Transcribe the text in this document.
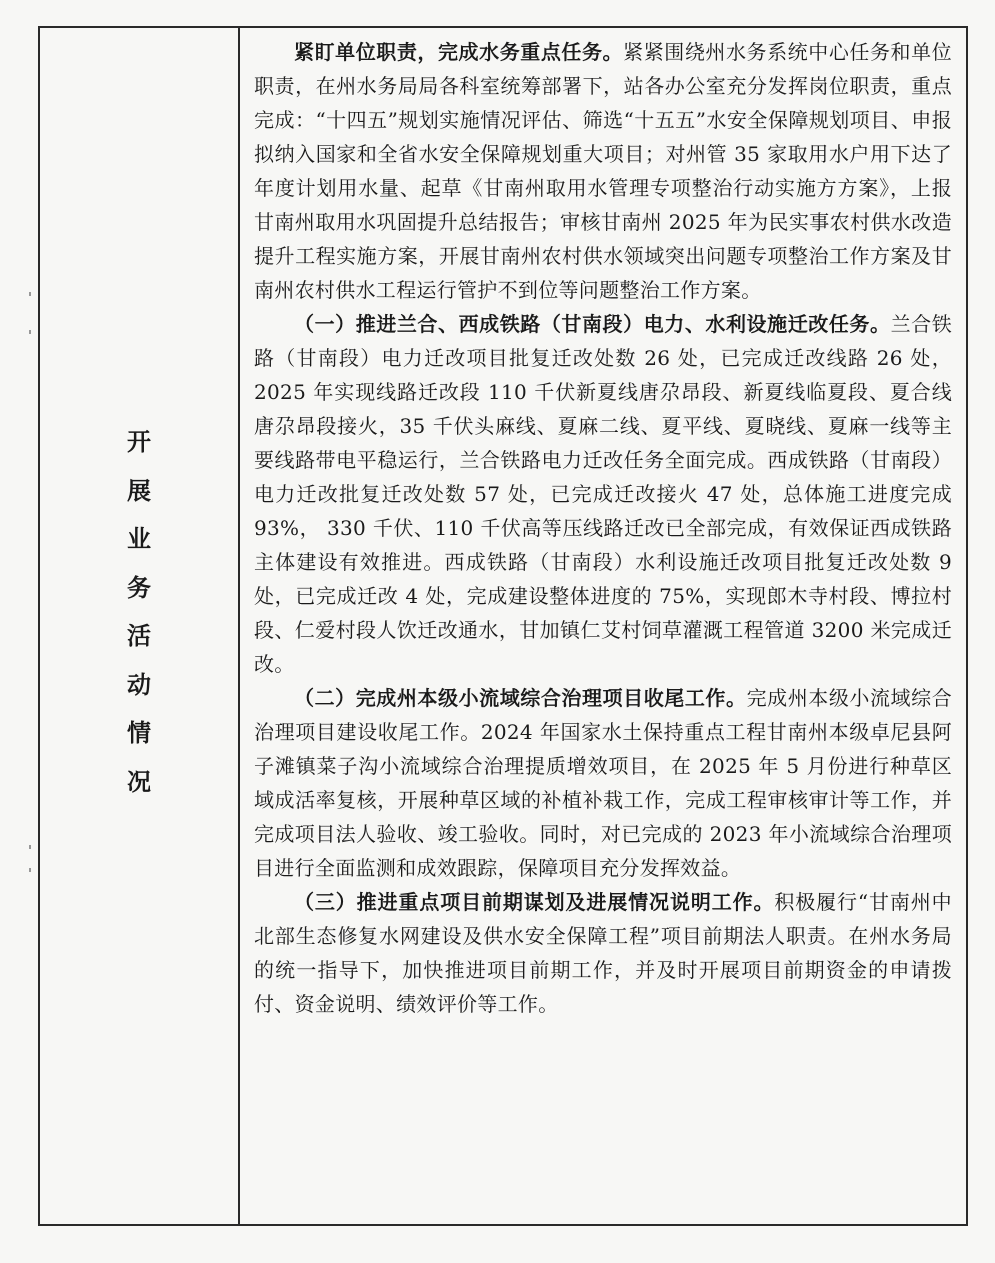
开
展
业
务
活
动
情
况

紧盯单位职责，完成水务重点任务。紧紧围绕州水务系统中心任务和单位职责，在州水务局局各科室统筹部署下，站各办公室充分发挥岗位职责，重点完成：“十四五”规划实施情况评估、筛选“十五五”水安全保障规划项目、申报拟纳入国家和全省水安全保障规划重大项目；对州管 35 家取用水户用下达了年度计划用水量、起草《甘南州取用水管理专项整治行动实施方方案》，上报甘南州取用水巩固提升总结报告；审核甘南州 2025 年为民实事农村供水改造提升工程实施方案，开展甘南州农村供水领域突出问题专项整治工作方案及甘南州农村供水工程运行管护不到位等问题整治工作方案。

（一）推进兰合、西成铁路（甘南段）电力、水利设施迁改任务。兰合铁路（甘南段）电力迁改项目批复迁改处数 26 处，已完成迁改线路 26 处，2025 年实现线路迁改段 110 千伏新夏线唐尕昂段、新夏线临夏段、夏合线唐尕昂段接火，35 千伏头麻线、夏麻二线、夏平线、夏晓线、夏麻一线等主要线路带电平稳运行，兰合铁路电力迁改任务全面完成。西成铁路（甘南段）电力迁改批复迁改处数 57 处，已完成迁改接火 47 处，总体施工进度完成 93%， 330 千伏、110 千伏高等压线路迁改已全部完成，有效保证西成铁路主体建设有效推进。西成铁路（甘南段）水利设施迁改项目批复迁改处数 9 处，已完成迁改 4 处，完成建设整体进度的 75%，实现郎木寺村段、博拉村段、仁爱村段人饮迁改通水，甘加镇仁艾村饲草灌溉工程管道 3200 米完成迁改。

（二）完成州本级小流域综合治理项目收尾工作。完成州本级小流域综合治理项目建设收尾工作。2024 年国家水土保持重点工程甘南州本级卓尼县阿子滩镇菜子沟小流域综合治理提质增效项目，在 2025 年 5 月份进行种草区域成活率复核，开展种草区域的补植补栽工作，完成工程审核审计等工作，并完成项目法人验收、竣工验收。同时，对已完成的 2023 年小流域综合治理项目进行全面监测和成效跟踪，保障项目充分发挥效益。

（三）推进重点项目前期谋划及进展情况说明工作。积极履行“甘南州中北部生态修复水网建设及供水安全保障工程”项目前期法人职责。在州水务局的统一指导下，加快推进项目前期工作，并及时开展项目前期资金的申请拨付、资金说明、绩效评价等工作。
